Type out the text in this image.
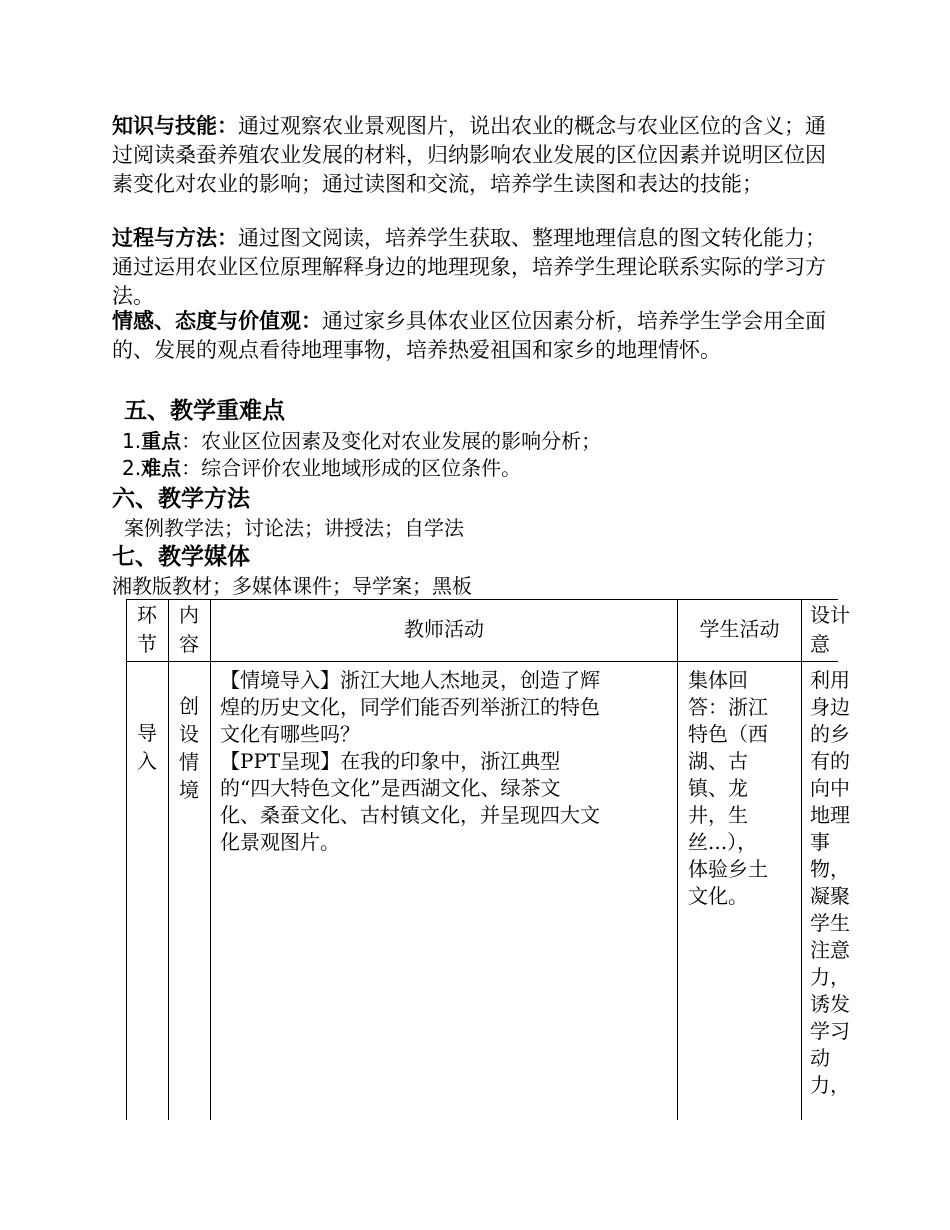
知识与技能：通过观察农业景观图片，说出农业的概念与农业区位的含义；通过阅读桑蚕养殖农业发展的材料，归纳影响农业发展的区位因素并说明区位因素变化对农业的影响；通过读图和交流，培养学生读图和表达的技能；

过程与方法：通过图文阅读，培养学生获取、整理地理信息的图文转化能力；通过运用农业区位原理解释身边的地理现象，培养学生理论联系实际的学习方法。

情感、态度与价值观：通过家乡具体农业区位因素分析，培养学生学会用全面的、发展的观点看待地理事物，培养热爱祖国和家乡的地理情怀。

五、教学重难点
1.重点：农业区位因素及变化对农业发展的影响分析；
2.难点：综合评价农业地域形成的区位条件。
六、教学方法
案例教学法；讨论法；讲授法；自学法
七、教学媒体
湘教版教材；多媒体课件；导学案；黑板
环节
内容
教师活动	学生活动
设计意
导入
创设情境
【情境导入】浙江大地人杰地灵，创造了辉
煌的历史文化，同学们能否列举浙江的特色
文化有哪些吗？
【PPT呈现】在我的印象中，浙江典型
的“四大特色文化”是西湖文化、绿茶文
化、桑蚕文化、古村镇文化，并呈现四大文
化景观图片。
集体回
答：浙江
特色（西
湖、古
镇、龙
井，生
丝...），
体验乡土
文化。
利用
身边
的乡
有的
向中
地理
事
物，
凝聚
学生
注意
力，
诱发
学习
动
力，
